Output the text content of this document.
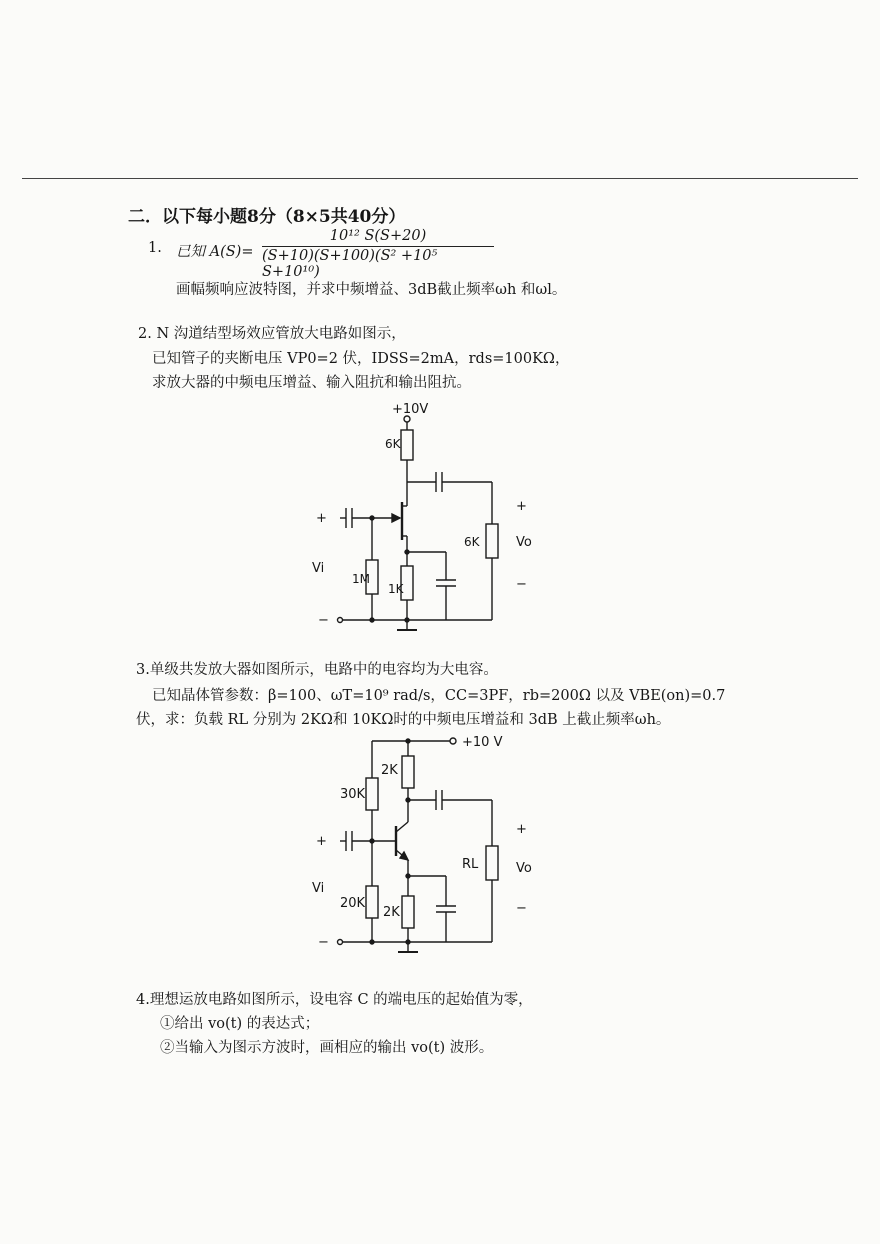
二．以下每小题8分（8×5共40分）
1. 已知 A(S)=
10¹² S(S+20)
(S+10)(S+100)(S² +10⁵ S+10¹⁰)
画幅频响应波特图，并求中频增益、3dB截止频率ωh 和ωl。
2. N 沟道结型场效应管放大电路如图示，
已知管子的夹断电压 VP0=2 伏，IDSS=2mA，rds=100KΩ，
求放大器的中频电压增益、输入阻抗和输出阻抗。
3.单级共发放大器如图所示，电路中的电容均为大电容。
已知晶体管参数：β=100、ωT=10⁹ rad/s，CC=3PF，rb=200Ω 以及 VBE(on)=0.7
伏，求：负载 RL 分别为 2KΩ和 10KΩ时的中频电压增益和 3dB 上截止频率ωh。
4.理想运放电路如图所示，设电容 C 的端电压的起始值为零，
①给出 vo(t) 的表达式；
②当输入为图示方波时，画相应的输出 vo(t) 波形。
+10V
6K
6K
1M
1K
Vi
Vo
+
−
+
−
+10 V
30K
20K
2K
2K
RL
Vi
Vo
+
−
+
−
